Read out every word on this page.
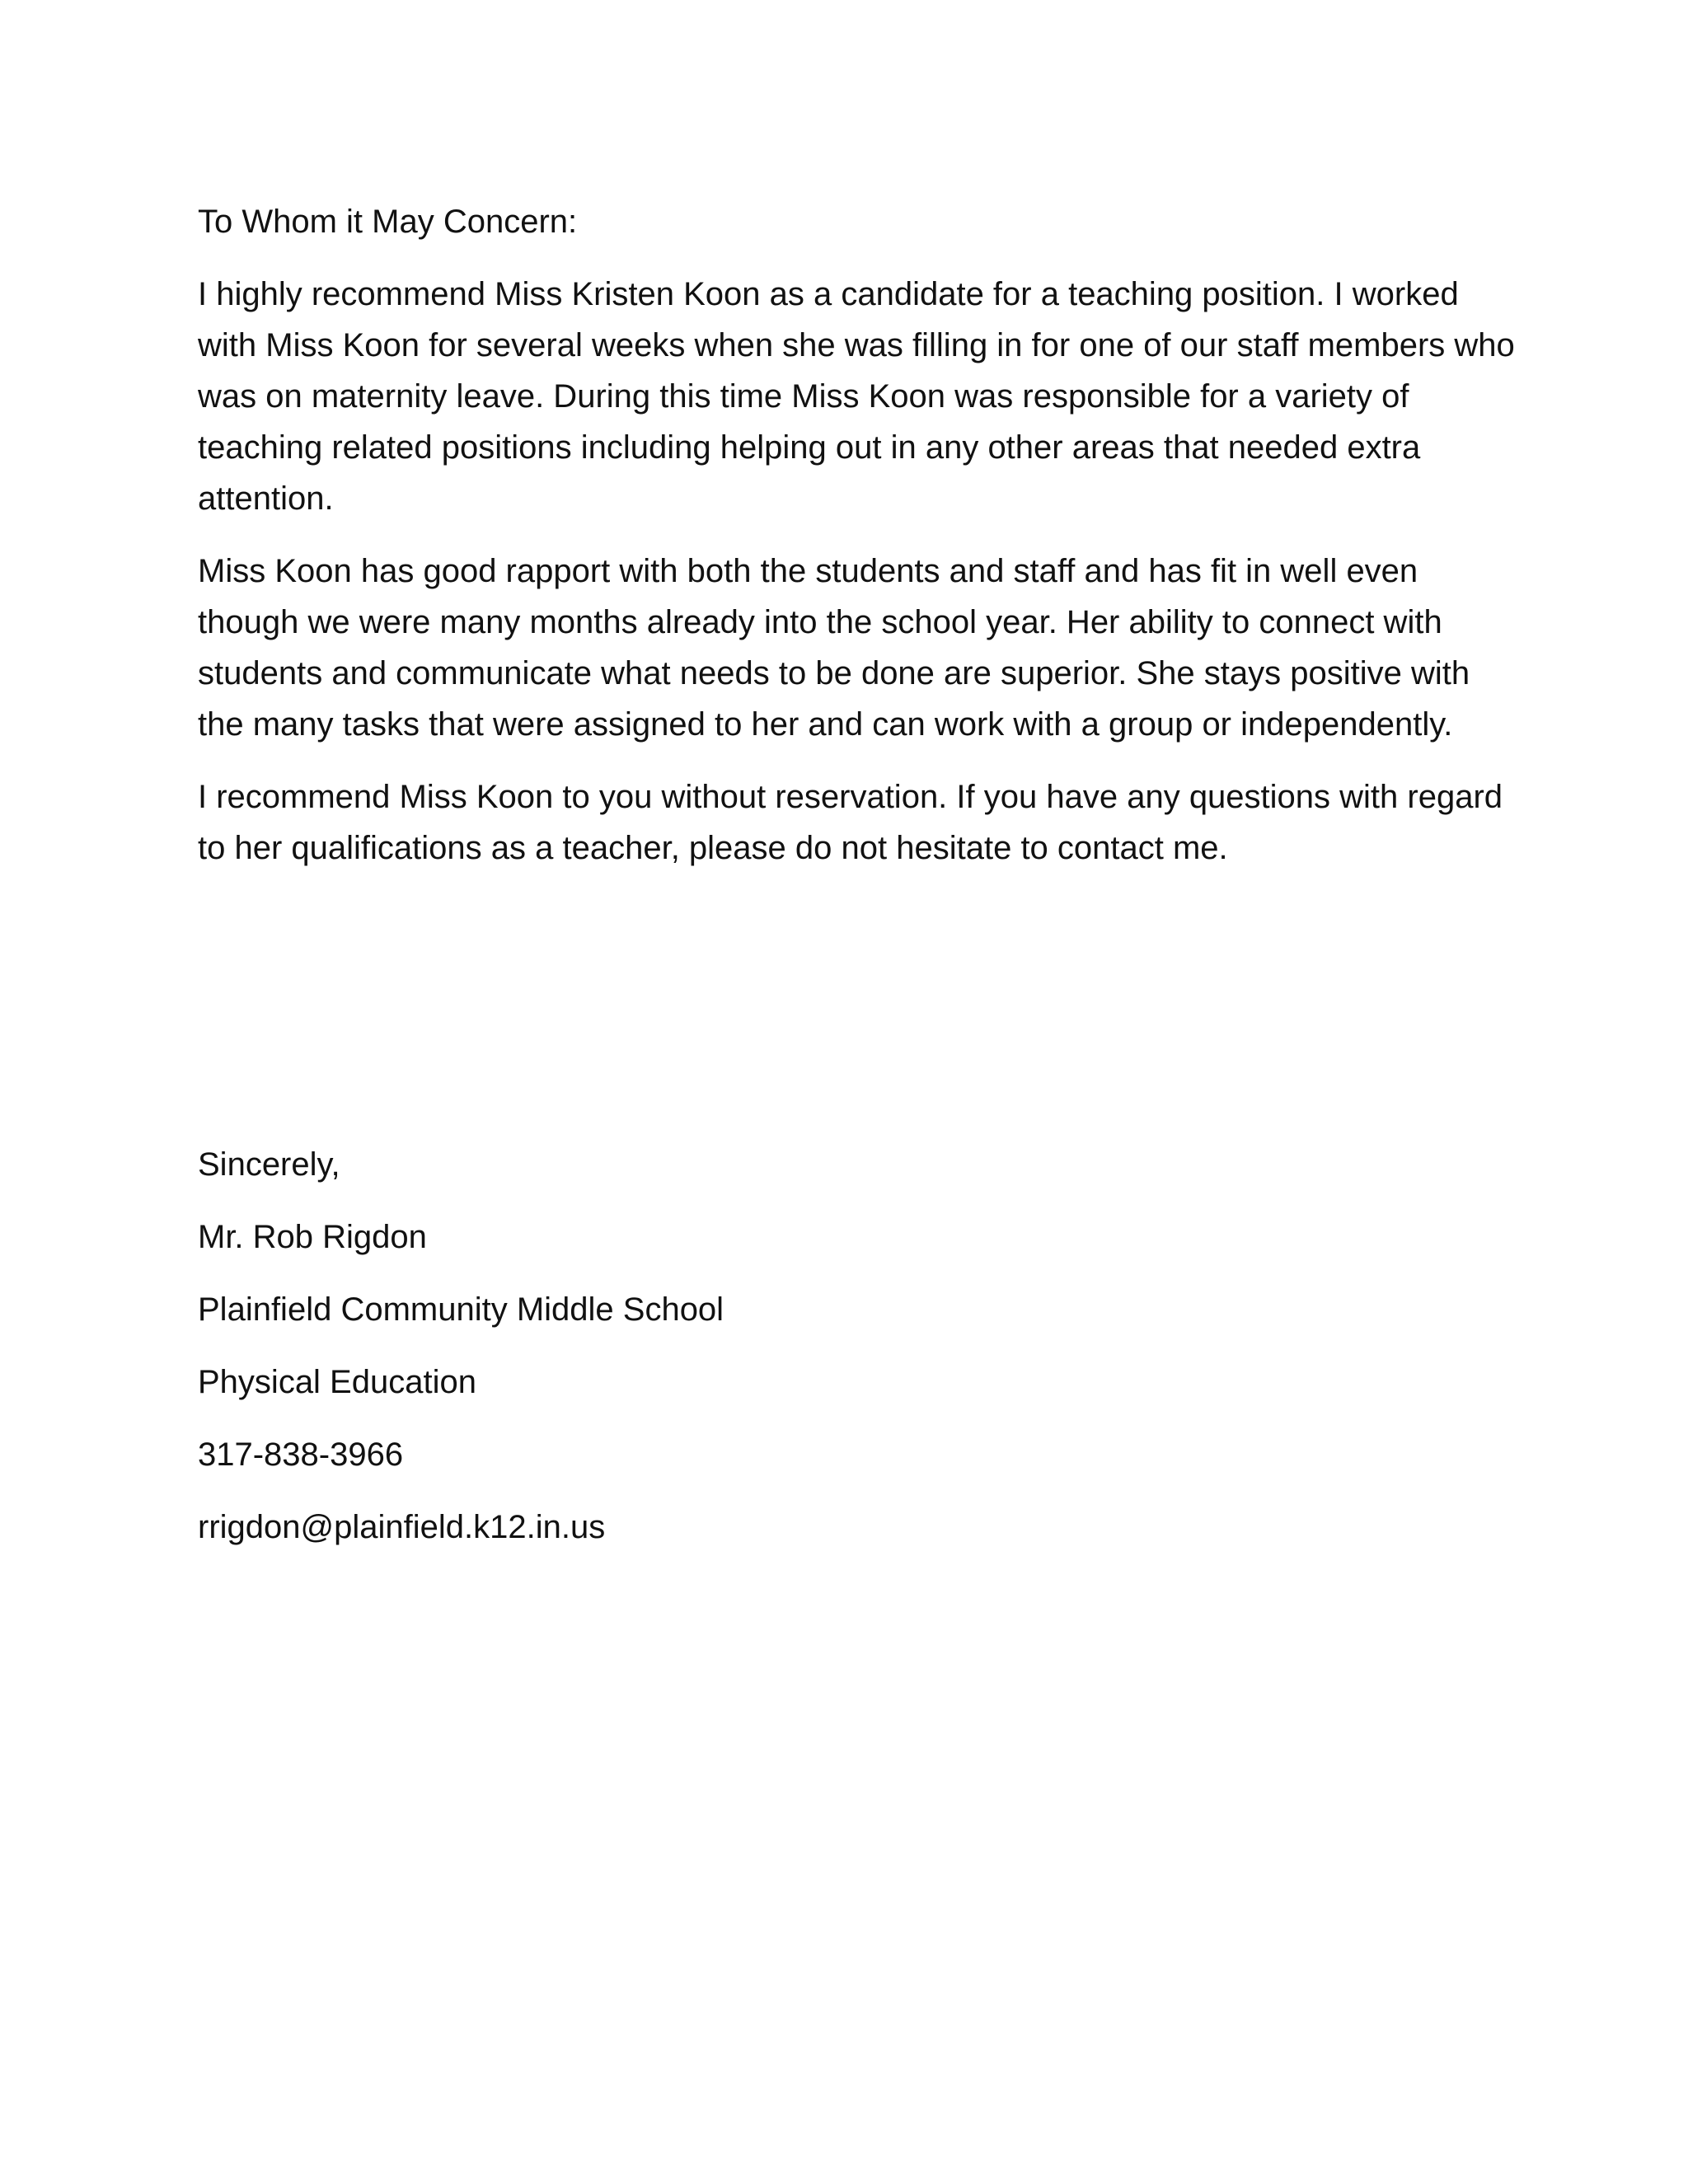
To Whom it May Concern:

I highly recommend Miss Kristen Koon as a candidate for a teaching position. I worked with Miss Koon for several weeks when she was filling in for one of our staff members who was on maternity leave. During this time Miss Koon was responsible for a variety of teaching related positions including helping out in any other areas that needed extra attention.

Miss Koon has good rapport with both the students and staff and has fit in well even though we were many months already into the school year. Her ability to connect with students and communicate what needs to be done are superior. She stays positive with the many tasks that were assigned to her and can work with a group or independently.

I recommend Miss Koon to you without reservation. If you have any questions with regard to her qualifications as a teacher, please do not hesitate to contact me.

Sincerely,

Mr. Rob Rigdon

Plainfield Community Middle School

Physical Education

317-838-3966

rrigdon@plainfield.k12.in.us
